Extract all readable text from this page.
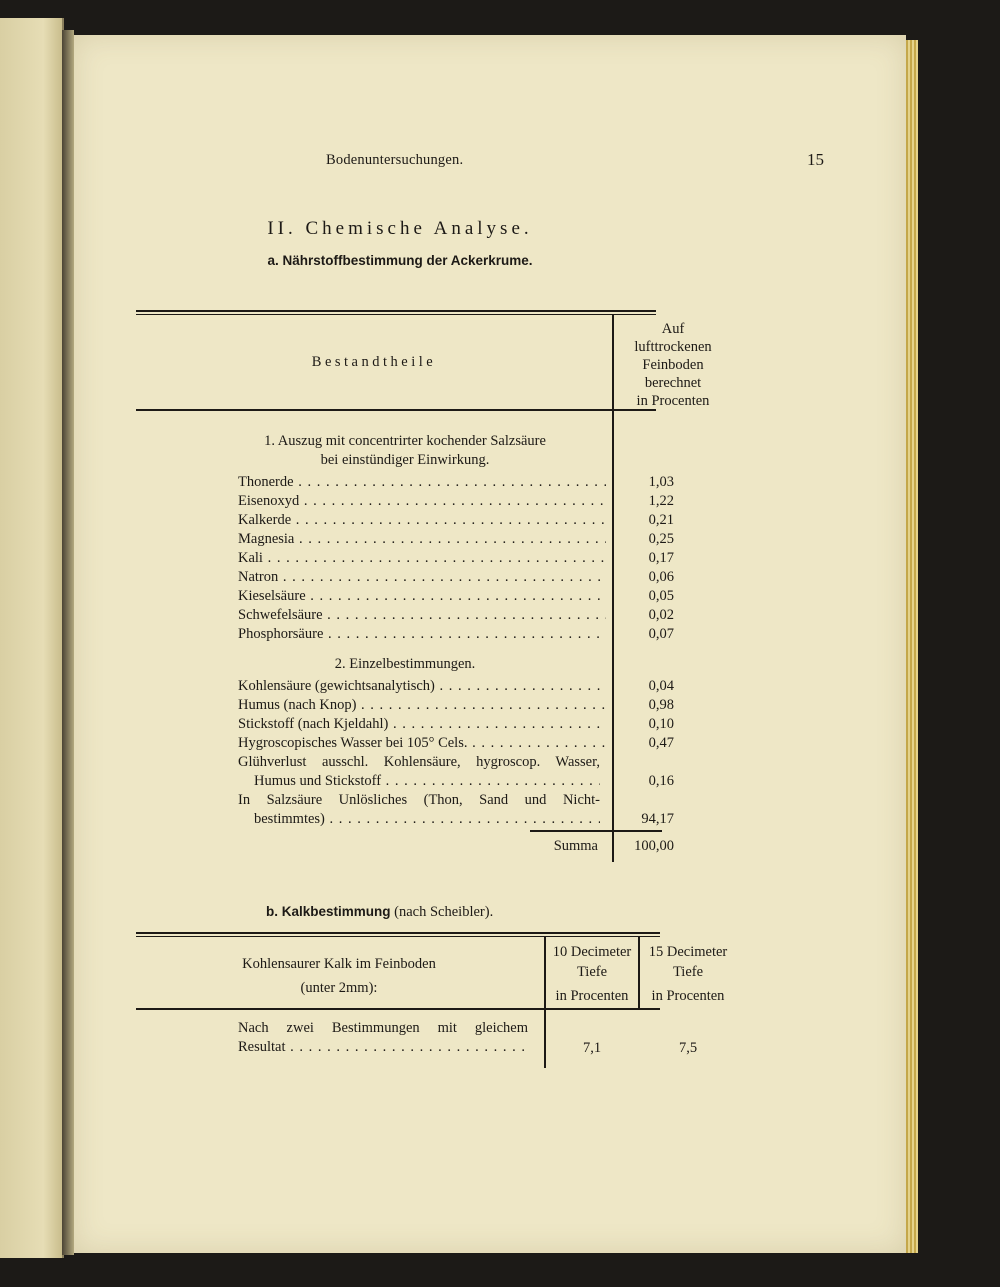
Bodenuntersuchungen.	15
II. Chemische Analyse.
a. Nährstoffbestimmung der Ackerkrume.
Bestandtheile
Auf
lufttrockenen
Feinboden
berechnet
in Procenten
1. Auszug mit concentrirter kochender Salzsäure
bei einstündiger Einwirkung.
Thonerde . . .	1,03
Eisenoxyd . . .	1,22
Kalkerde . . .	0,21
Magnesia . . .	0,25
Kali . . .	0,17
Natron . . .	0,06
Kieselsäure . . .	0,05
Schwefelsäure . . .	0,02
Phosphorsäure . . .	0,07
2. Einzelbestimmungen.
Kohlensäure (gewichtsanalytisch) . . .	0,04
Humus (nach Knop) . . .	0,98
Stickstoff (nach Kjeldahl) . . .	0,10
Hygroscopisches Wasser bei 105° Cels. . . .	0,47
Glühverlust ausschl. Kohlensäure, hygroscop. Wasser,
Humus und Stickstoff . . .	0,16
In Salzsäure Unlösliches (Thon, Sand und Nicht-
bestimmtes) . . .	94,17
Summa	100,00
b. Kalkbestimmung (nach Scheibler).
Kohlensaurer Kalk im Feinboden
(unter 2mm):
10 Decimeter
Tiefe
in Procenten
15 Decimeter
Tiefe
in Procenten
Nach zwei Bestimmungen mit gleichem
Resultat . . .	7,1	7,5
